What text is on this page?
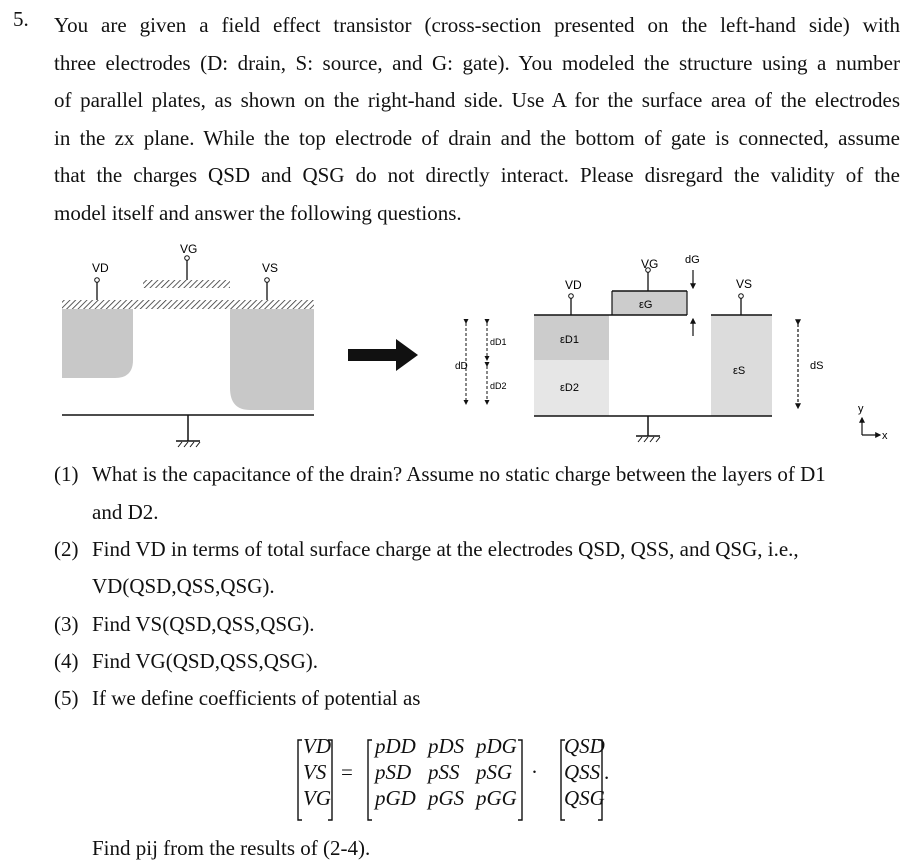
5. You are given a field effect transistor (cross-section presented on the left-hand side) with
three electrodes (D: drain, S: source, and G: gate). You modeled the structure using a number
of parallel plates, as shown on the right-hand side. Use A for the surface area of the electrodes
in the zx plane. While the top electrode of drain and the bottom of gate is connected, assume
that the charges QSD and QSG do not directly interact. Please disregard the validity of the
model itself and answer the following questions.
VG
VD	VS
dD
dD1
dD2
εD1
εD2
εG
εS
VD
VG
VS
dG
dS
y
x
(1) What is the capacitance of the drain? Assume no static charge between the layers of D1
and D2.
(2) Find VD in terms of total surface charge at the electrodes QSD, QSS, and QSG, i.e.,
VD(QSD,QSS,QSG).
(3) Find VS(QSD,QSS,QSG).
(4) Find VG(QSD,QSS,QSG).
(5) If we define coefficients of potential as
VD
VS
VG
=
pDD pDS pDG
pSD pSS pSG
pGD pGS pGG
·
QSD
QSS
QSG
.
Find pij from the results of (2-4).
